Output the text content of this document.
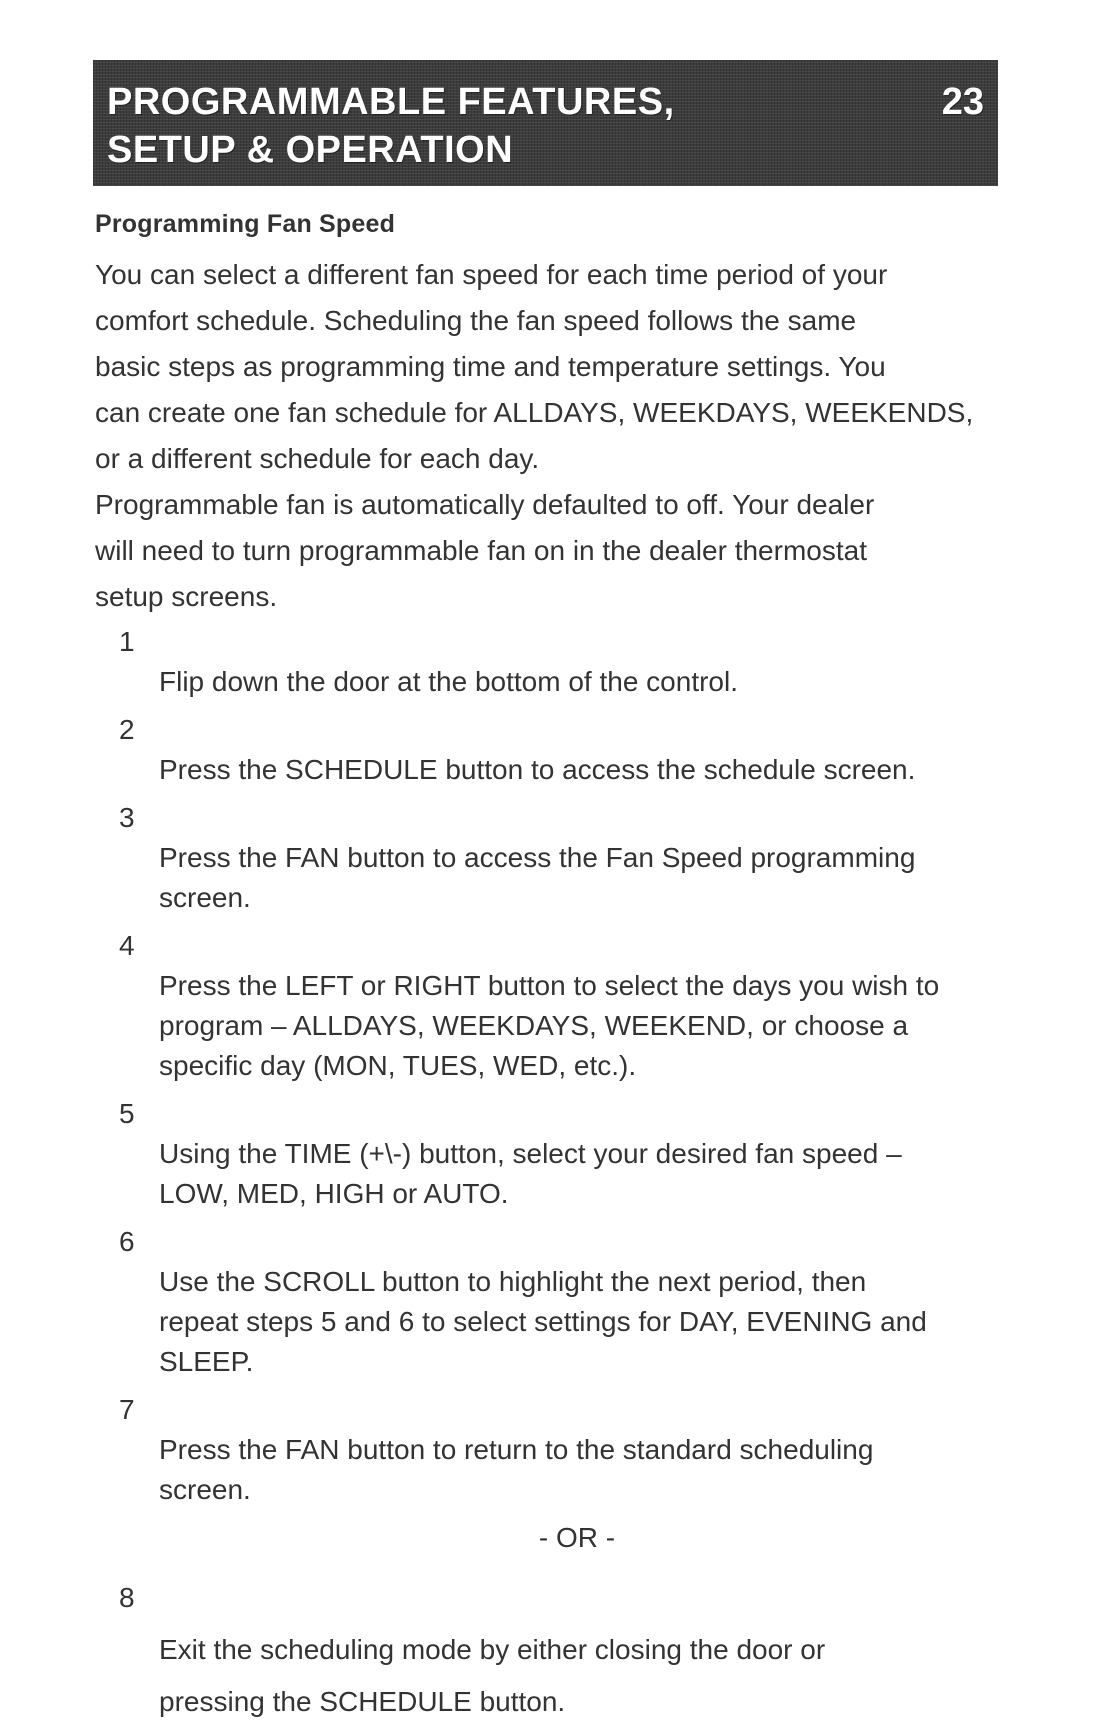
PROGRAMMABLE FEATURES,
SETUP & OPERATION
23
Programming Fan Speed

You can select a different fan speed for each time period of your
comfort schedule. Scheduling the fan speed follows the same
basic steps as programming time and temperature settings. You
can create one fan schedule for ALLDAYS, WEEKDAYS, WEEKENDS,
or a different schedule for each day.

Programmable fan is automatically defaulted to off. Your dealer
will need to turn programmable fan on in the dealer thermostat
setup screens.

1
Flip down the door at the bottom of the control.

2
Press the SCHEDULE button to access the schedule screen.

3
Press the FAN button to access the Fan Speed programming
screen.

4
Press the LEFT or RIGHT button to select the days you wish to
program – ALLDAYS, WEEKDAYS, WEEKEND, or choose a
specific day (MON, TUES, WED, etc.).

5
Using the TIME (+\-) button, select your desired fan speed –
LOW, MED, HIGH or AUTO.

6
Use the SCROLL button to highlight the next period, then
repeat steps 5 and 6 to select settings for DAY, EVENING and
SLEEP.

7
Press the FAN button to return to the standard scheduling
screen.

- OR -

8
Exit the scheduling mode by either closing the door or
pressing the SCHEDULE button.
